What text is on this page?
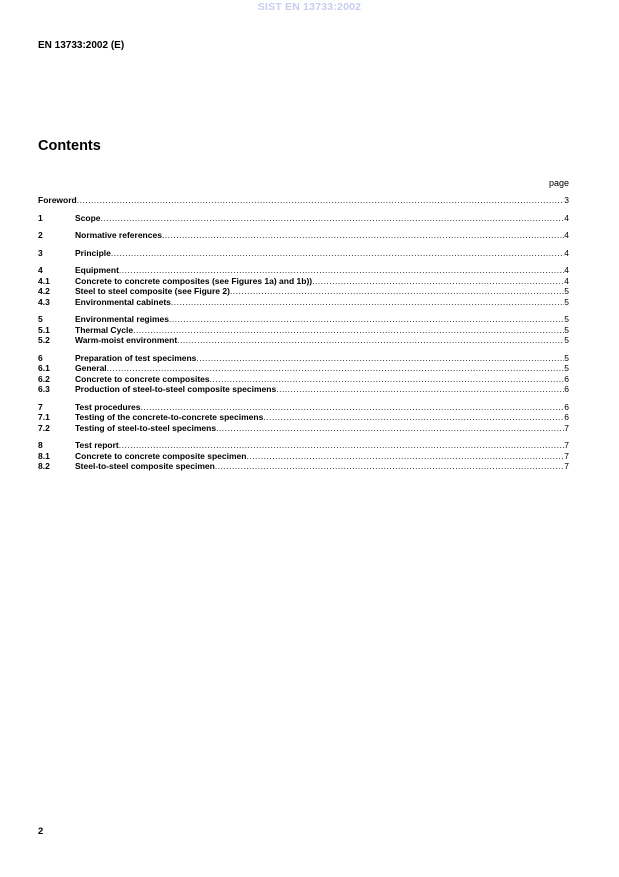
SIST EN 13733:2002
EN 13733:2002 (E)
Contents
page
Foreword .....	3
1	Scope .....	4
2	Normative references .....	4
3	Principle .....	4
4	Equipment .....	4
4.1	Concrete to concrete composites (see Figures 1a) and 1b)) .....	4
4.2	Steel to steel composite (see Figure 2) .....	5
4.3	Environmental cabinets .....	5
5	Environmental regimes .....	5
5.1	Thermal Cycle .....	5
5.2	Warm-moist environment .....	5
6	Preparation of test specimens .....	5
6.1	General .....	5
6.2	Concrete to concrete composites .....	6
6.3	Production of steel-to-steel composite specimens .....	6
7	Test procedures .....	6
7.1	Testing of the concrete-to-concrete specimens .....	6
7.2	Testing of steel-to-steel specimens .....	7
8	Test report .....	7
8.1	Concrete to concrete composite specimen .....	7
8.2	Steel-to-steel composite specimen .....	7
2
